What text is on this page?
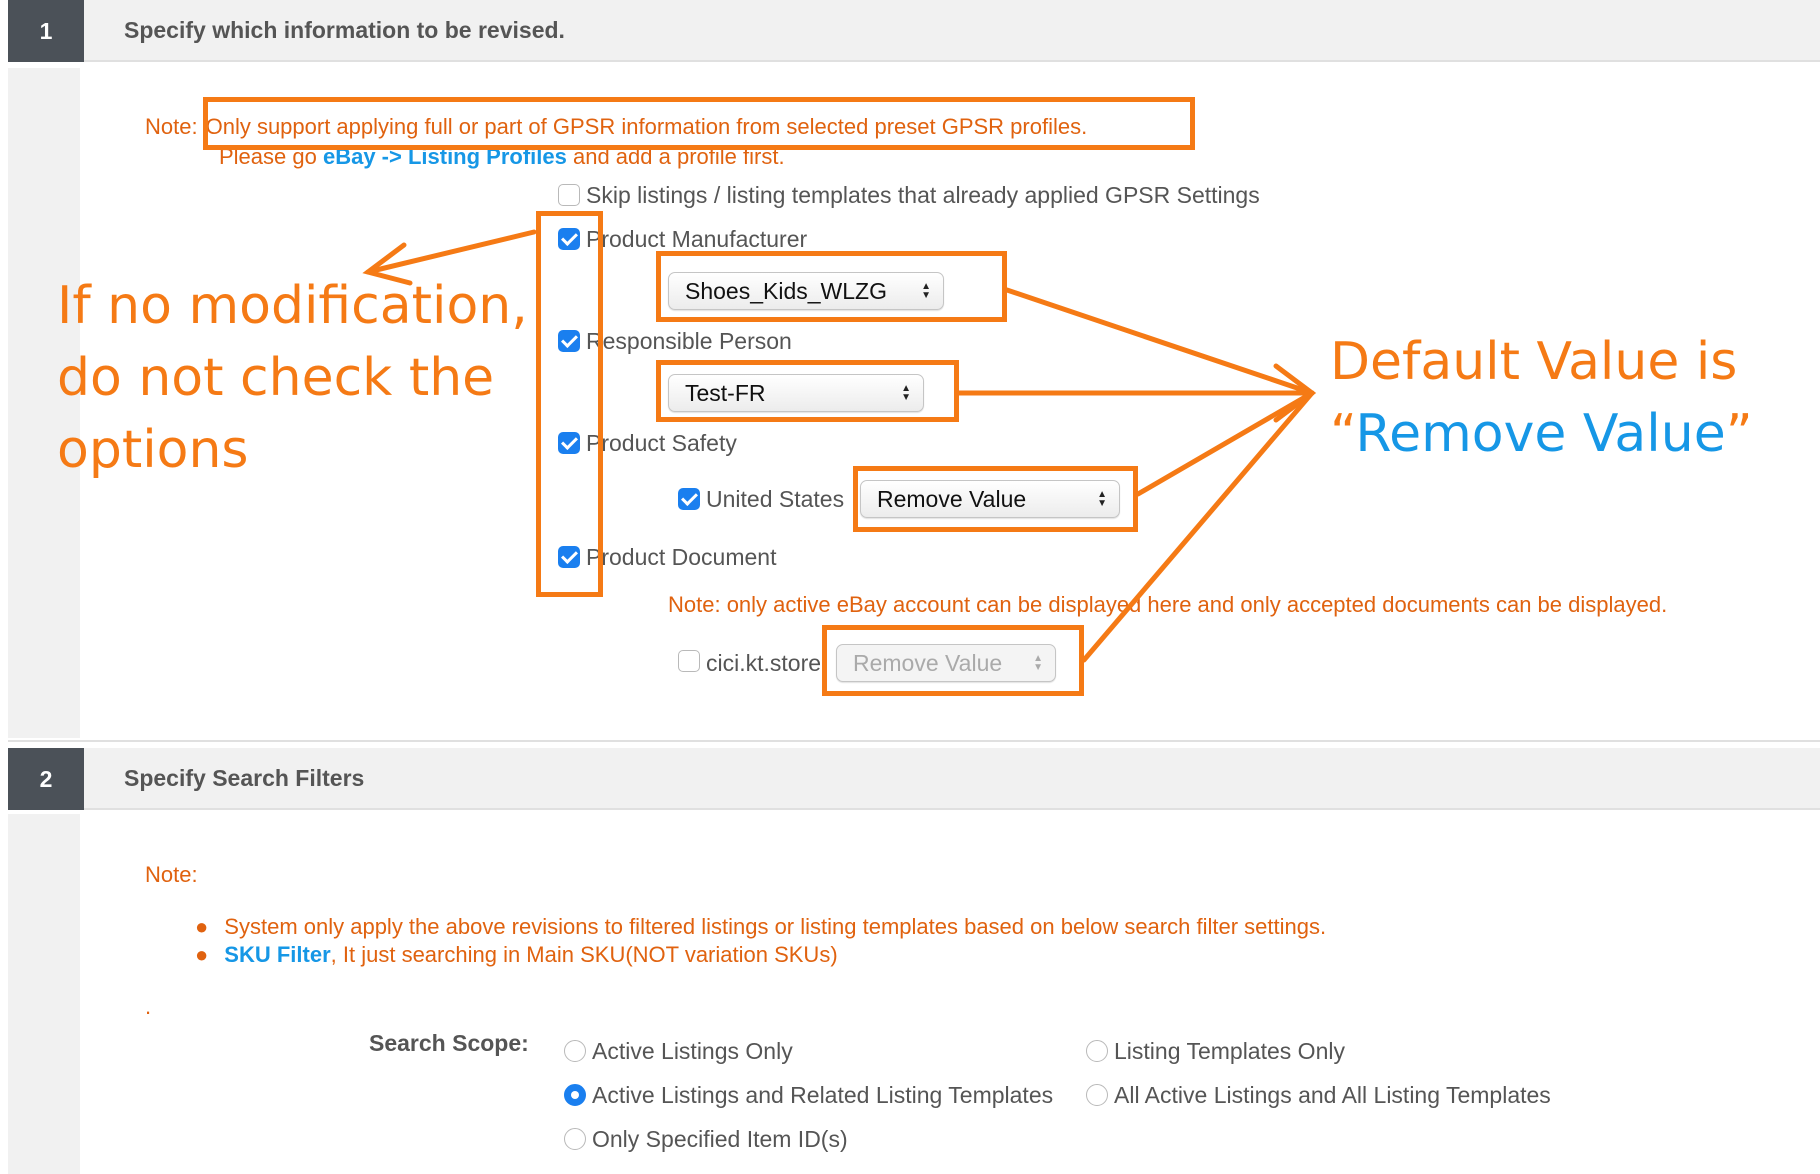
1	Specify which information to be revised.
Note: Only support applying full or part of GPSR information from selected preset GPSR profiles.
Please go eBay -> Listing Profiles and add a profile first.
Skip listings / listing templates that already applied GPSR Settings
Product Manufacturer
Shoes_Kids_WLZG	▲
▼
Responsible Person
Test-FR	▲
▼
Product Safety
United States Remove Value	▲
▼
Product Document
Note: only active eBay account can be displayed here and only accepted documents can be displayed.
cici.kt.store Remove Value	▲
▼
2	Specify Search Filters
Note:
● System only apply the above revisions to filtered listings or listing templates based on below search filter settings.
● SKU Filter, It just searching in Main SKU(NOT variation SKUs)
.
Search Scope:	Active Listings Only	Listing Templates Only
Active Listings and Related Listing Templates	All Active Listings and All Listing Templates
Only Specified Item ID(s)
If no modification,
do not check the
options
Default Value is
“Remove Value”
